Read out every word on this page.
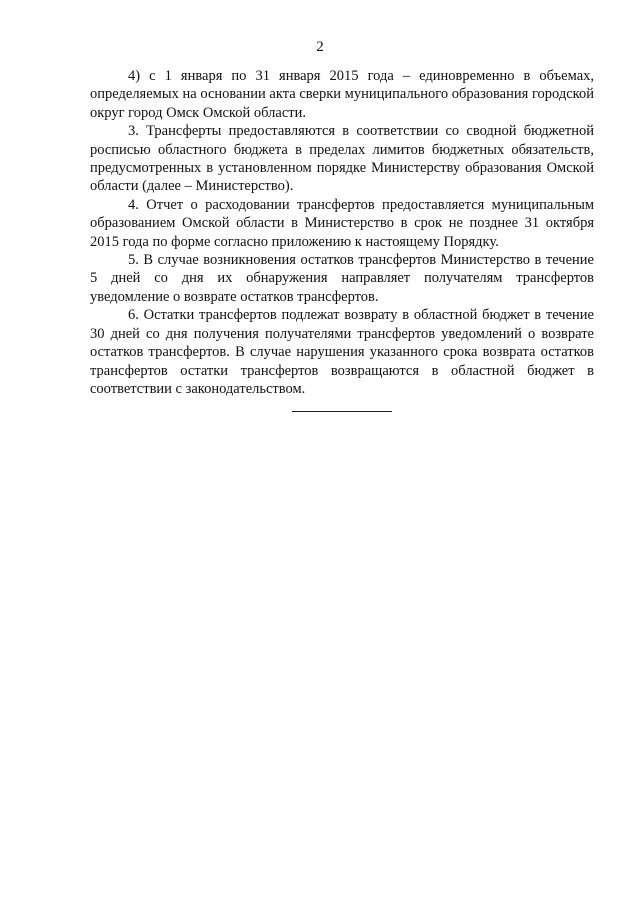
2

4) с 1 января по 31 января 2015 года – единовременно в объемах, определяемых на основании акта сверки муниципального образования городской округ город Омск Омской области.

3. Трансферты предоставляются в соответствии со сводной бюджетной росписью областного бюджета в пределах лимитов бюджетных обязательств, предусмотренных в установленном порядке Министерству образования Омской области (далее – Министерство).

4. Отчет о расходовании трансфертов предоставляется муниципальным образованием Омской области в Министерство в срок не позднее 31 октября 2015 года по форме согласно приложению к настоящему Порядку.

5. В случае возникновения остатков трансфертов Министерство в течение 5 дней со дня их обнаружения направляет получателям трансфертов уведомление о возврате остатков трансфертов.

6. Остатки трансфертов подлежат возврату в областной бюджет в течение 30 дней со дня получения получателями трансфертов уведомлений о возврате остатков трансфертов. В случае нарушения указанного срока возврата остатков трансфертов остатки трансфертов возвращаются в областной бюджет в соответствии с законодательством.
